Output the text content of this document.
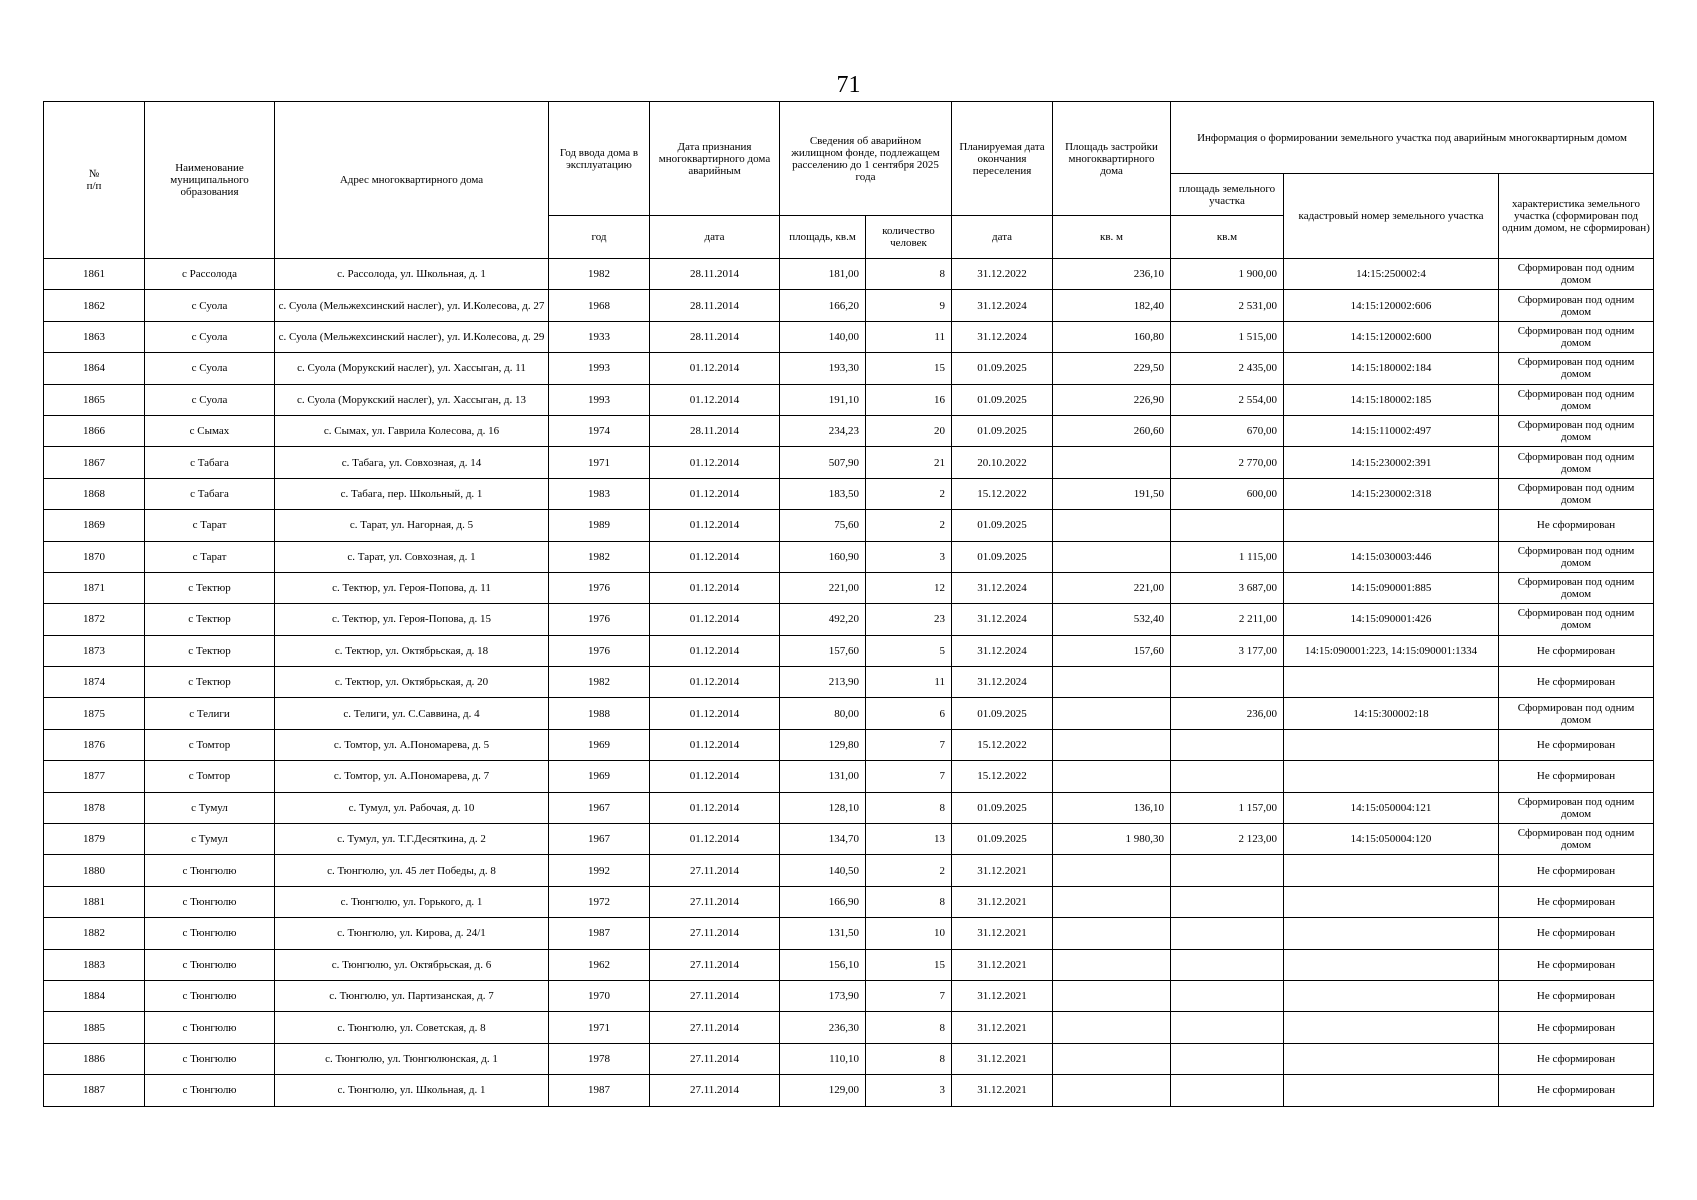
71
№
п/п	Наименование муниципального образования	Адрес многоквартирного дома	Год ввода дома в эксплуатацию	Дата признания многоквартирного дома аварийным	Сведения об аварийном жилищном фонде, подлежащем расселению до 1 сентября 2025 года		Планируемая дата окончания переселения	Площадь застройки многоквартирного дома	Информация о формировании земельного участка под аварийным многоквартирным домом		
									площадь земельного участка	кадастровый номер земельного участка	характеристика земельного участка (сформирован под одним домом, не сформирован)
			год	дата	площадь, кв.м	количество человек	дата	кв. м	кв.м		
1861	с Рассолода	с. Рассолода, ул. Школьная, д. 1	1982	28.11.2014	181,00	8	31.12.2022	236,10	1 900,00	14:15:250002:4	Сформирован под одним домом
1862	с Суола	с. Суола (Мельжехсинский наслег), ул. И.Колесова, д. 27	1968	28.11.2014	166,20	9	31.12.2024	182,40	2 531,00	14:15:120002:606	Сформирован под одним домом
1863	с Суола	с. Суола (Мельжехсинский наслег), ул. И.Колесова, д. 29	1933	28.11.2014	140,00	11	31.12.2024	160,80	1 515,00	14:15:120002:600	Сформирован под одним домом
1864	с Суола	с. Суола (Морукский наслег), ул. Хассыган, д. 11	1993	01.12.2014	193,30	15	01.09.2025	229,50	2 435,00	14:15:180002:184	Сформирован под одним домом
1865	с Суола	с. Суола (Морукский наслег), ул. Хассыган, д. 13	1993	01.12.2014	191,10	16	01.09.2025	226,90	2 554,00	14:15:180002:185	Сформирован под одним домом
1866	с Сымах	с. Сымах, ул. Гаврила Колесова, д. 16	1974	28.11.2014	234,23	20	01.09.2025	260,60	670,00	14:15:110002:497	Сформирован под одним домом
1867	с Табага	с. Табага, ул. Совхозная, д. 14	1971	01.12.2014	507,90	21	20.10.2022		2 770,00	14:15:230002:391	Сформирован под одним домом
1868	с Табага	с. Табага, пер. Школьный, д. 1	1983	01.12.2014	183,50	2	15.12.2022	191,50	600,00	14:15:230002:318	Сформирован под одним домом
1869	с Тарат	с. Тарат, ул. Нагорная, д. 5	1989	01.12.2014	75,60	2	01.09.2025				Не сформирован
1870	с Тарат	с. Тарат, ул. Совхозная, д. 1	1982	01.12.2014	160,90	3	01.09.2025		1 115,00	14:15:030003:446	Сформирован под одним домом
1871	с Тектюр	с. Тектюр, ул. Героя-Попова, д. 11	1976	01.12.2014	221,00	12	31.12.2024	221,00	3 687,00	14:15:090001:885	Сформирован под одним домом
1872	с Тектюр	с. Тектюр, ул. Героя-Попова, д. 15	1976	01.12.2014	492,20	23	31.12.2024	532,40	2 211,00	14:15:090001:426	Сформирован под одним домом
1873	с Тектюр	с. Тектюр, ул. Октябрьская, д. 18	1976	01.12.2014	157,60	5	31.12.2024	157,60	3 177,00	14:15:090001:223, 14:15:090001:1334	Не сформирован
1874	с Тектюр	с. Тектюр, ул. Октябрьская, д. 20	1982	01.12.2014	213,90	11	31.12.2024				Не сформирован
1875	с Телиги	с. Телиги, ул. С.Саввина, д. 4	1988	01.12.2014	80,00	6	01.09.2025		236,00	14:15:300002:18	Сформирован под одним домом
1876	с Томтор	с. Томтор, ул. А.Пономарева, д. 5	1969	01.12.2014	129,80	7	15.12.2022				Не сформирован
1877	с Томтор	с. Томтор, ул. А.Пономарева, д. 7	1969	01.12.2014	131,00	7	15.12.2022				Не сформирован
1878	с Тумул	с. Тумул, ул. Рабочая, д. 10	1967	01.12.2014	128,10	8	01.09.2025	136,10	1 157,00	14:15:050004:121	Сформирован под одним домом
1879	с Тумул	с. Тумул, ул. Т.Г.Десяткина, д. 2	1967	01.12.2014	134,70	13	01.09.2025	1 980,30	2 123,00	14:15:050004:120	Сформирован под одним домом
1880	с Тюнгюлю	с. Тюнгюлю, ул. 45 лет Победы, д. 8	1992	27.11.2014	140,50	2	31.12.2021				Не сформирован
1881	с Тюнгюлю	с. Тюнгюлю, ул. Горького, д. 1	1972	27.11.2014	166,90	8	31.12.2021				Не сформирован
1882	с Тюнгюлю	с. Тюнгюлю, ул. Кирова, д. 24/1	1987	27.11.2014	131,50	10	31.12.2021				Не сформирован
1883	с Тюнгюлю	с. Тюнгюлю, ул. Октябрьская, д. 6	1962	27.11.2014	156,10	15	31.12.2021				Не сформирован
1884	с Тюнгюлю	с. Тюнгюлю, ул. Партизанская, д. 7	1970	27.11.2014	173,90	7	31.12.2021				Не сформирован
1885	с Тюнгюлю	с. Тюнгюлю, ул. Советская, д. 8	1971	27.11.2014	236,30	8	31.12.2021				Не сформирован
1886	с Тюнгюлю	с. Тюнгюлю, ул. Тюнгюлюнская, д. 1	1978	27.11.2014	110,10	8	31.12.2021				Не сформирован
1887	с Тюнгюлю	с. Тюнгюлю, ул. Школьная, д. 1	1987	27.11.2014	129,00	3	31.12.2021				Не сформирован
